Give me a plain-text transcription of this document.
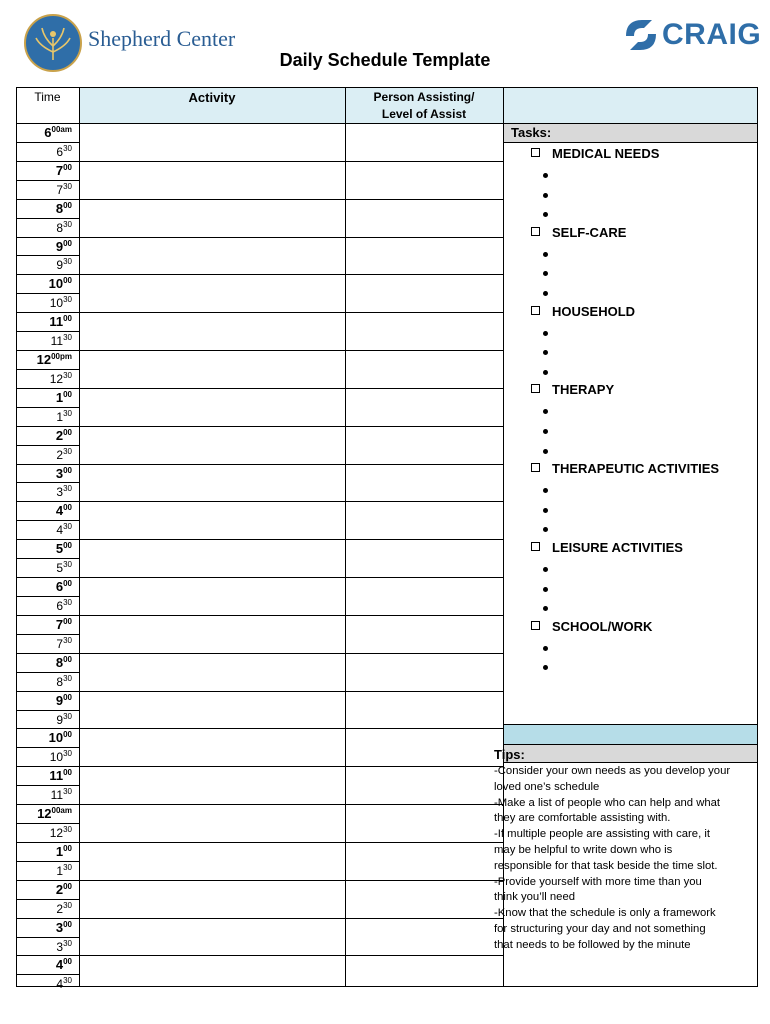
Shepherd Center	CRAIG
Daily Schedule Template
Time	Activity	Person Assisting/
Level of Assist
$6^{00am}$
$6^{30}$
$7^{00}$
$7^{30}$
$8^{00}$
$8^{30}$
$9^{00}$
$9^{30}$
$10^{00}$
$10^{30}$
$11^{00}$
$11^{30}$
$12^{00pm}$
$12^{30}$
$1^{00}$
$1^{30}$
$2^{00}$
$2^{30}$
$3^{00}$
$3^{30}$
$4^{00}$
$4^{30}$
$5^{00}$
$5^{30}$
$6^{00}$
$6^{30}$
$7^{00}$
$7^{30}$
$8^{00}$
$8^{30}$
$9^{00}$
$9^{30}$
$10^{00}$
$10^{30}$
$11^{00}$
$11^{30}$
$12^{00am}$
$12^{30}$
$1^{00}$
$1^{30}$
$2^{00}$
$2^{30}$
$3^{00}$
$3^{30}$
$4^{00}$
$4^{30}$
Tasks:
MEDICAL NEEDS
SELF-CARE
HOUSEHOLD
THERAPY
THERAPEUTIC ACTIVITIES
LEISURE ACTIVITIES
SCHOOL/WORK
Tips:
-Consider your own needs as you develop your
loved one’s schedule
-Make a list of people who can help and what
they are comfortable assisting with.
-If multiple people are assisting with care, it
may be helpful to write down who is
responsible for that task beside the time slot.
-Provide yourself with more time than you
think you’ll need
-Know that the schedule is only a framework
for structuring your day and not something
that needs to be followed by the minute
